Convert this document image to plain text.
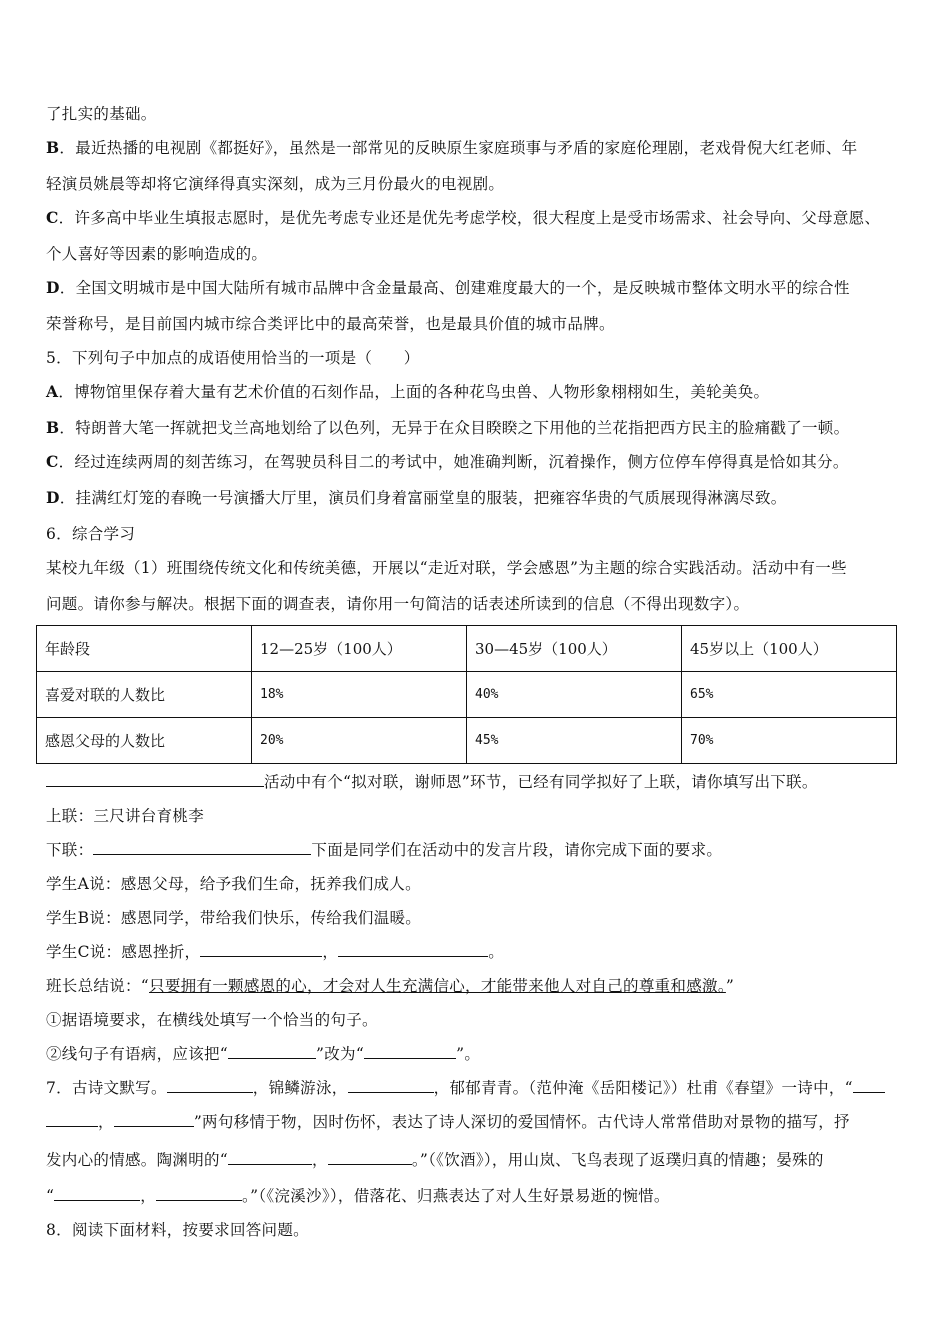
了扎实的基础。
B．最近热播的电视剧《都挺好》，虽然是一部常见的反映原生家庭琐事与矛盾的家庭伦理剧，老戏骨倪大红老师、年
轻演员姚晨等却将它演绎得真实深刻，成为三月份最火的电视剧。
C．许多高中毕业生填报志愿时，是优先考虑专业还是优先考虑学校，很大程度上是受市场需求、社会导向、父母意愿、
个人喜好等因素的影响造成的。
D．全国文明城市是中国大陆所有城市品牌中含金量最高、创建难度最大的一个，是反映城市整体文明水平的综合性
荣誉称号，是目前国内城市综合类评比中的最高荣誉，也是最具价值的城市品牌。
5．下列句子中加点的成语使用恰当的一项是（　　）
A．博物馆里保存着大量有艺术价值的石刻作品，上面的各种花鸟虫兽、人物形象栩栩如生，美轮美奂。
B．特朗普大笔一挥就把戈兰高地划给了以色列，无异于在众目睽睽之下用他的兰花指把西方民主的脸痛戳了一顿。
C．经过连续两周的刻苦练习，在驾驶员科目二的考试中，她准确判断，沉着操作，侧方位停车停得真是恰如其分。
D．挂满红灯笼的春晚一号演播大厅里，演员们身着富丽堂皇的服装，把雍容华贵的气质展现得淋漓尽致。
6．综合学习
某校九年级（1）班围绕传统文化和传统美德，开展以“走近对联，学会感恩”为主题的综合实践活动。活动中有一些
问题。请你参与解决。根据下面的调查表，请你用一句简洁的话表述所读到的信息（不得出现数字）。
年龄段	12—25岁（100人）	30—45岁（100人）	45岁以上（100人）
喜爱对联的人数比	18%	40%	65%
感恩父母的人数比	20%	45%	70%
活动中有个“拟对联，谢师恩”环节，已经有同学拟好了上联，请你填写出下联。
上联：三尺讲台育桃李
下联：	下面是同学们在活动中的发言片段，请你完成下面的要求。
学生A说：感恩父母，给予我们生命，抚养我们成人。
学生B说：感恩同学，带给我们快乐，传给我们温暖。
学生C说：感恩挫折，	，	。
班长总结说：“只要拥有一颗感恩的心，才会对人生充满信心，才能带来他人对自己的尊重和感激。”
①据语境要求，在横线处填写一个恰当的句子。
②线句子有语病，应该把“	”改为“	”。
7．古诗文默写。	，锦鳞游泳，	，郁郁青青。（范仲淹《岳阳楼记》）杜甫《春望》一诗中，“
，	”两句移情于物，因时伤怀，表达了诗人深切的爱国情怀。古代诗人常常借助对景物的描写，抒
发内心的情感。陶渊明的“	，	。”（《饮酒》），用山岚、飞鸟表现了返璞归真的情趣；晏殊的
“	，	。”（《浣溪沙》），借落花、归燕表达了对人生好景易逝的惋惜。
8．阅读下面材料，按要求回答问题。
